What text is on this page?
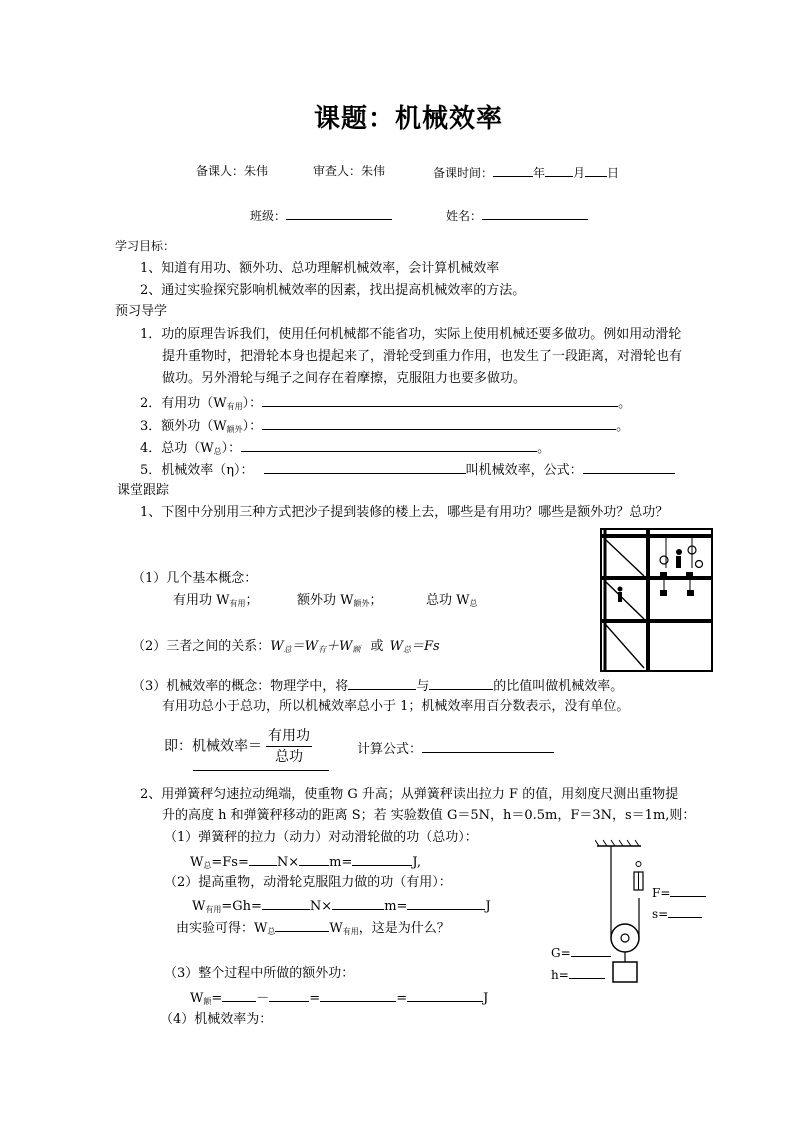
课题：机械效率
备课人：朱伟	审查人：朱伟	备课时间：	年 月 日
班级：	姓名：
学习目标：
1、知道有用功、额外功、总功理解机械效率，会计算机械效率
2、通过实验探究影响机械效率的因素，找出提高机械效率的方法。
预习导学
1．功的原理告诉我们，使用任何机械都不能省功，实际上使用机械还要多做功。例如用动滑轮
提升重物时，把滑轮本身也提起来了，滑轮受到重力作用，也发生了一段距离，对滑轮也有
做功。另外滑轮与绳子之间存在着摩擦，克服阻力也要多做功。
2．有用功$(W_{有用})$：	。
3．额外功$(W_{额外})$：	。
4．总功$(W_总)$：	。
5．机械效率（η）：	叫机械效率，公式：
课堂跟踪
1、下图中分别用三种方式把沙子提到装修的楼上去，哪些是有用功？哪些是额外功？总功？
（1）几个基本概念：
有用功 $W_{有用}$；	额外功 $W_{额外}$；	总功 $W_总$
（2）三者之间的关系：$W_总=W_有+W_额$ 或 $W_总=Fs$
（3）机械效率的概念：物理学中，将	与	的比值叫做机械效率。
有用功总小于总功，所以机械效率总小于 1；机械效率用百分数表示，没有单位。
即：机械效率＝ $\frac{\text{有用功}}{\text{总功}}$	计算公式：
2、用弹簧秤匀速拉动绳端，使重物 G 升高；从弹簧秤读出拉力 F 的值，用刻度尺测出重物提
升的高度 h 和弹簧秤移动的距离 S；若 实验数值 G＝5N，h＝0.5m，F＝3N，s＝1m,则：
（1）弹簧秤的拉力（动力）对动滑轮做的功（总功）：
$W_总=Fs= N\times m=$	J,
（2）提高重物，动滑轮克服阻力做的功（有用）：
$W_{有用}=Gh=$	N×	m=	J
由实验可得：$W_总$	$W_{有用}$，这是为什么？
（3）整个过程中所做的额外功：
$W_额=$	－	=	=	J
（4）机械效率为：
F=
s=
G=
h=
